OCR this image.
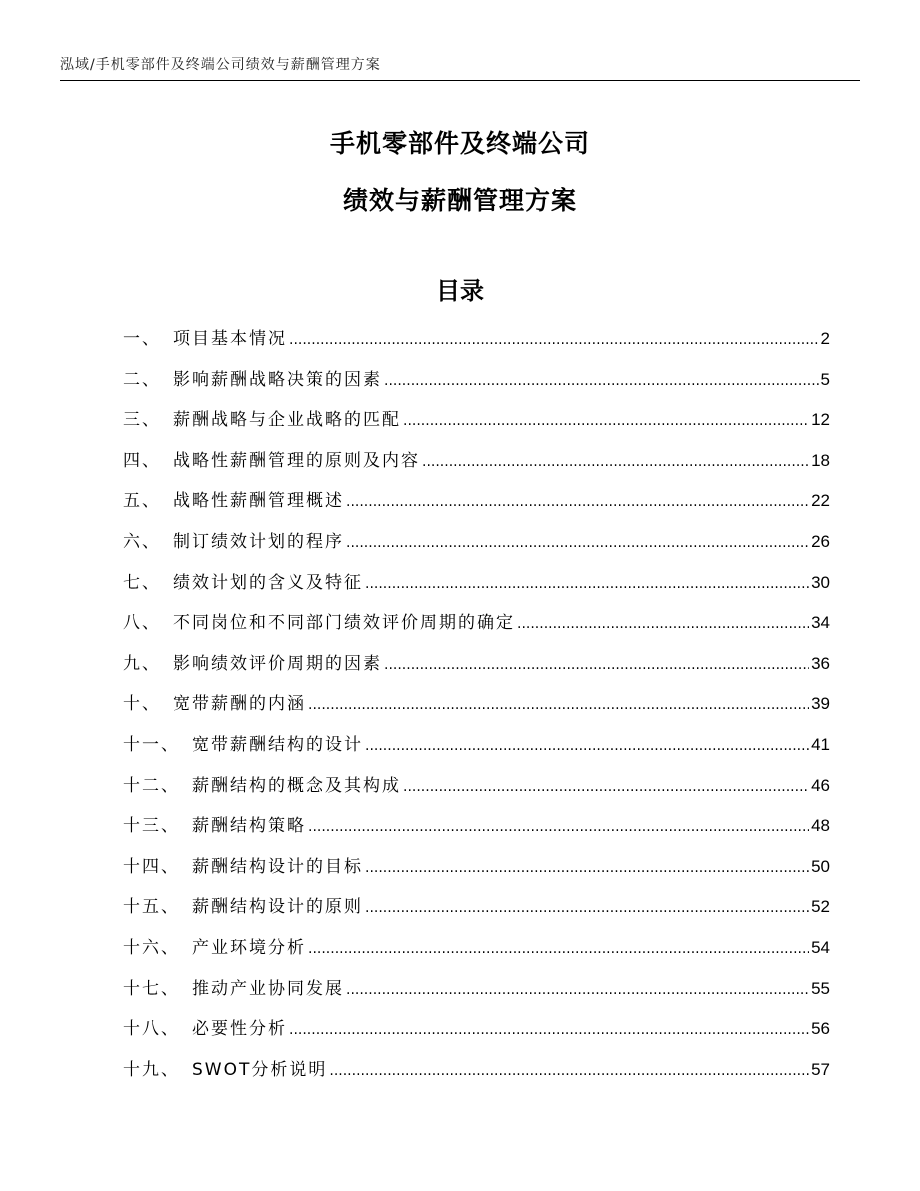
泓域/手机零部件及终端公司绩效与薪酬管理方案
手机零部件及终端公司
绩效与薪酬管理方案
目录
一、 项目基本情况 .....	2
二、 影响薪酬战略决策的因素 .....	5
三、 薪酬战略与企业战略的匹配 .....	12
四、 战略性薪酬管理的原则及内容 .....	18
五、 战略性薪酬管理概述 .....	22
六、 制订绩效计划的程序 .....	26
七、 绩效计划的含义及特征 .....	30
八、 不同岗位和不同部门绩效评价周期的确定 .....	34
九、 影响绩效评价周期的因素 .....	36
十、 宽带薪酬的内涵 .....	39
十一、 宽带薪酬结构的设计 .....	41
十二、 薪酬结构的概念及其构成 .....	46
十三、 薪酬结构策略 .....	48
十四、 薪酬结构设计的目标 .....	50
十五、 薪酬结构设计的原则 .....	52
十六、 产业环境分析 .....	54
十七、 推动产业协同发展 .....	55
十八、 必要性分析 .....	56
十九、 SWOT分析说明 .....	57
